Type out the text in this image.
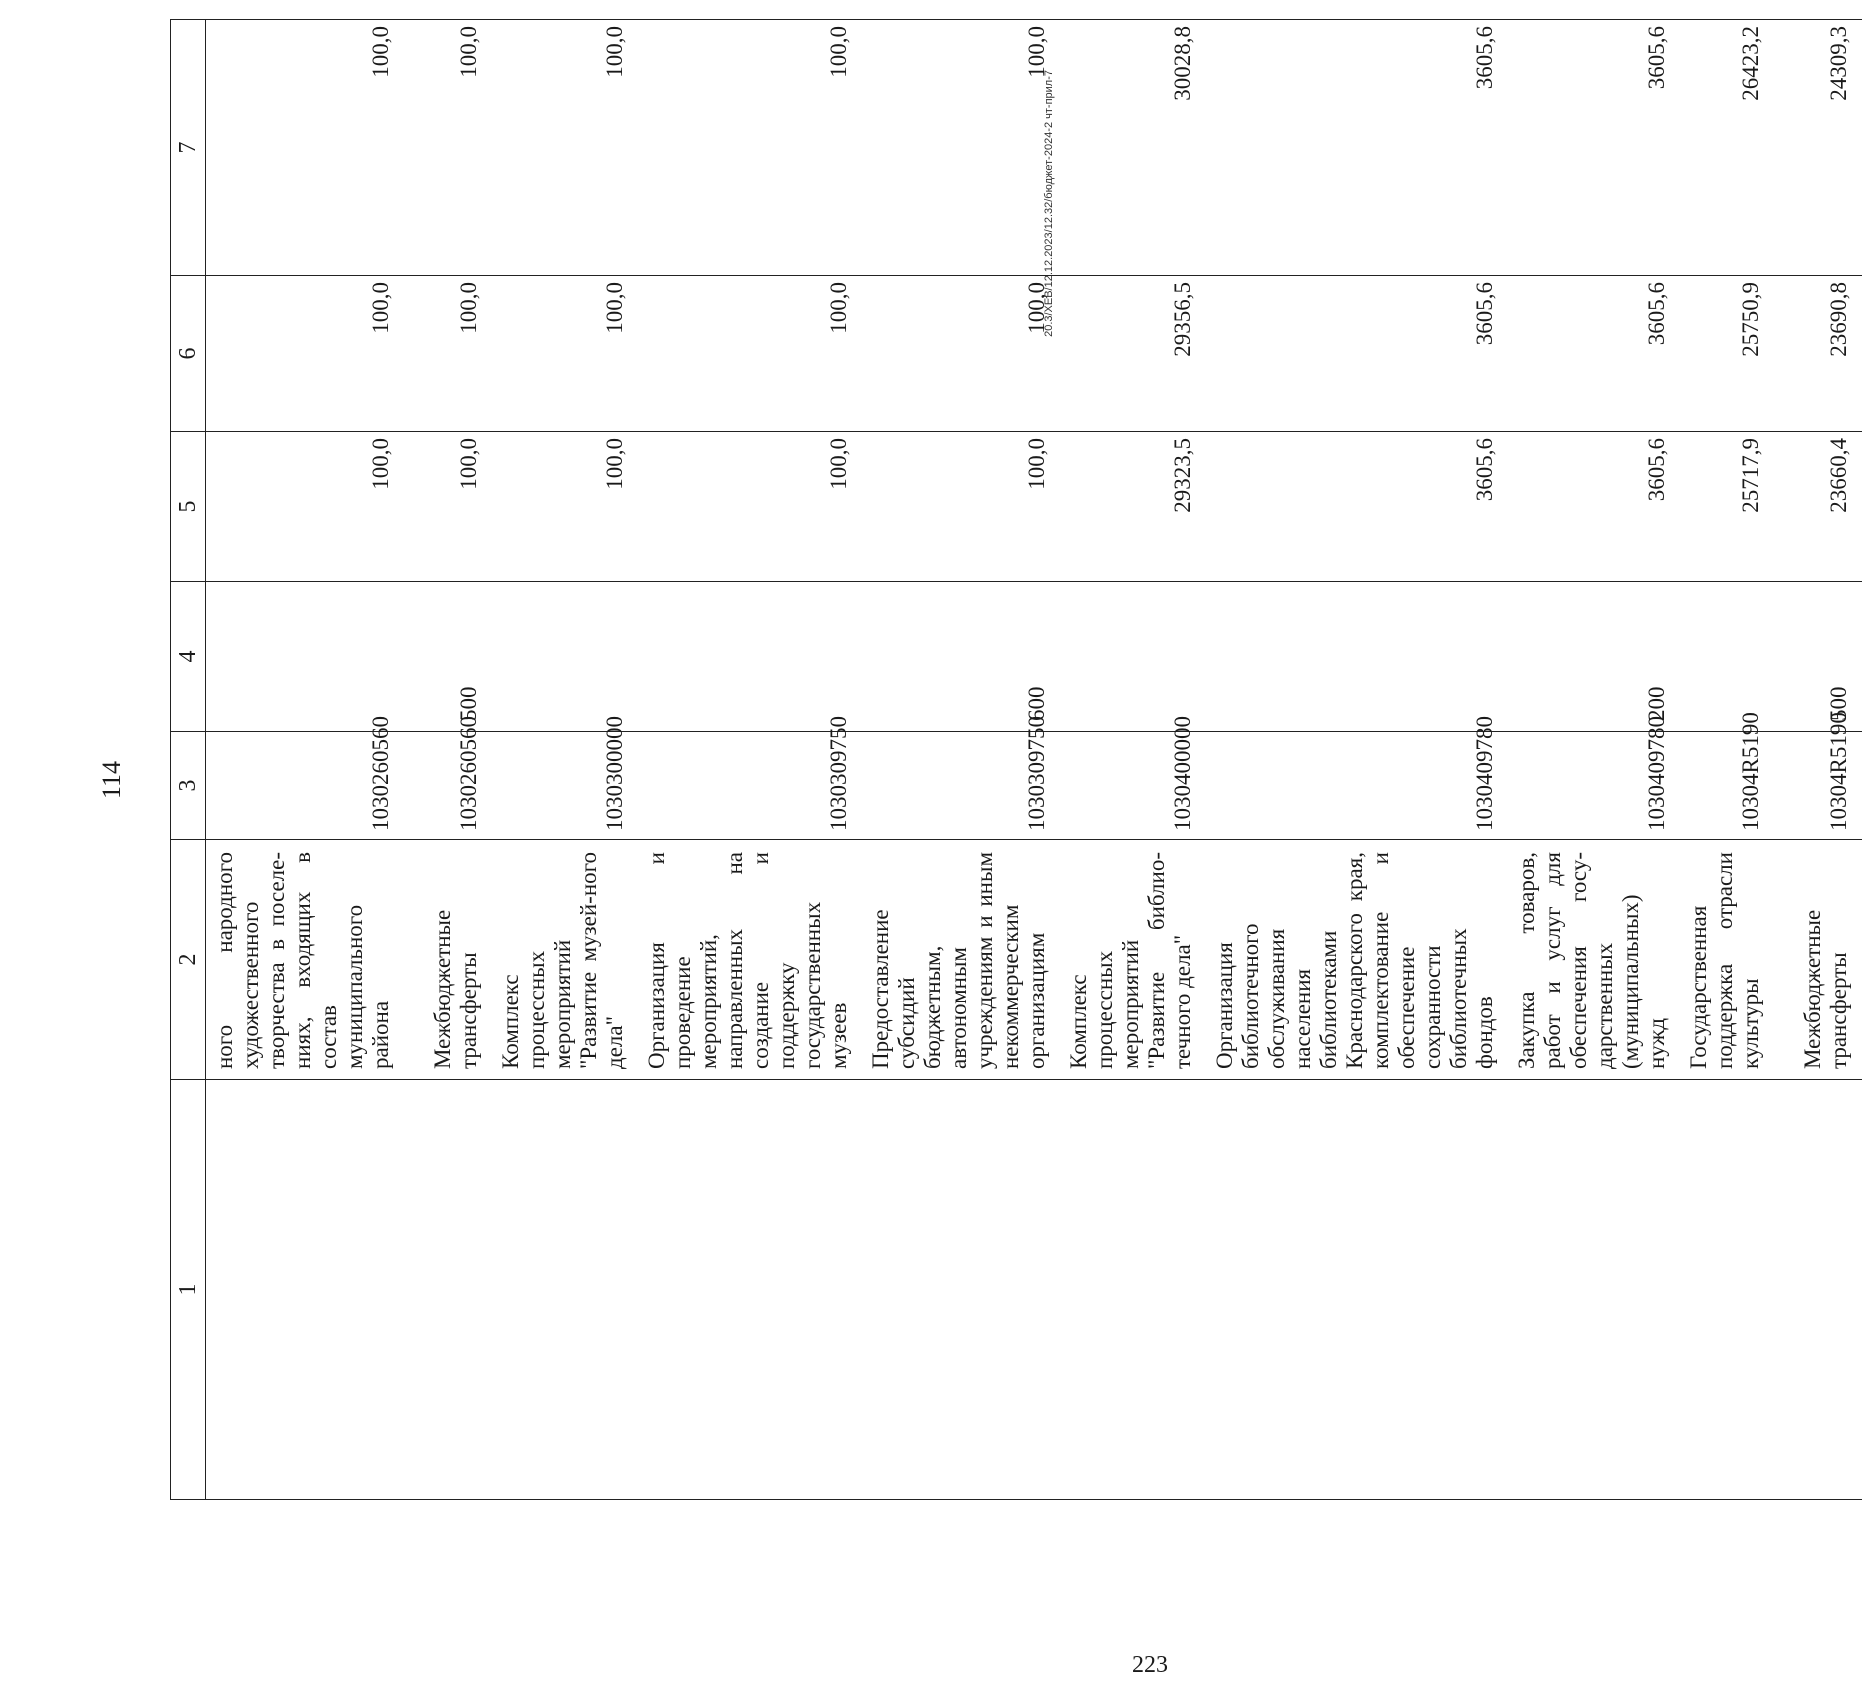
114
1	2	3	4	5	6	7
	ного народного художественного творчества в поселе-ниях, входящих в состав муниципального района	1030260560		100,0	100,0	100,0
	Межбюджетные трансферты	1030260560	500	100,0	100,0	100,0
	Комплекс процессных мероприятий "Развитие музей-ного дела"	1030300000		100,0	100,0	100,0
	Организация и проведение мероприятий, направленных на создание и поддержку государственных музеев	1030309750		100,0	100,0	100,0
	Предоставление субсидий бюджетным, автономным учреждениям и иным некоммерческим организациям	1030309750	600	100,0	100,0	100,0
	Комплекс процессных мероприятий "Развитие библио-течного дела"	1030400000		29323,5	29356,5	30028,8
	Организация библиотечного обслуживания населения библиотеками Краснодарского края, комплектование и обеспечение сохранности библиотечных фондов	1030409780		3605,6	3605,6	3605,6
	Закупка товаров, работ и услуг для обеспечения госу-дарственных (муниципальных) нужд	1030409780	200	3605,6	3605,6	3605,6
	Государственная поддержка отрасли культуры	10304R5190		25717,9	25750,9	26423,2
	Межбюджетные трансферты	10304R5190	500	23660,4	23690,8	24309,3
20.3/XEB/12.12.2023/12.32/бюджет-2024-2 чт-прил-7
223
